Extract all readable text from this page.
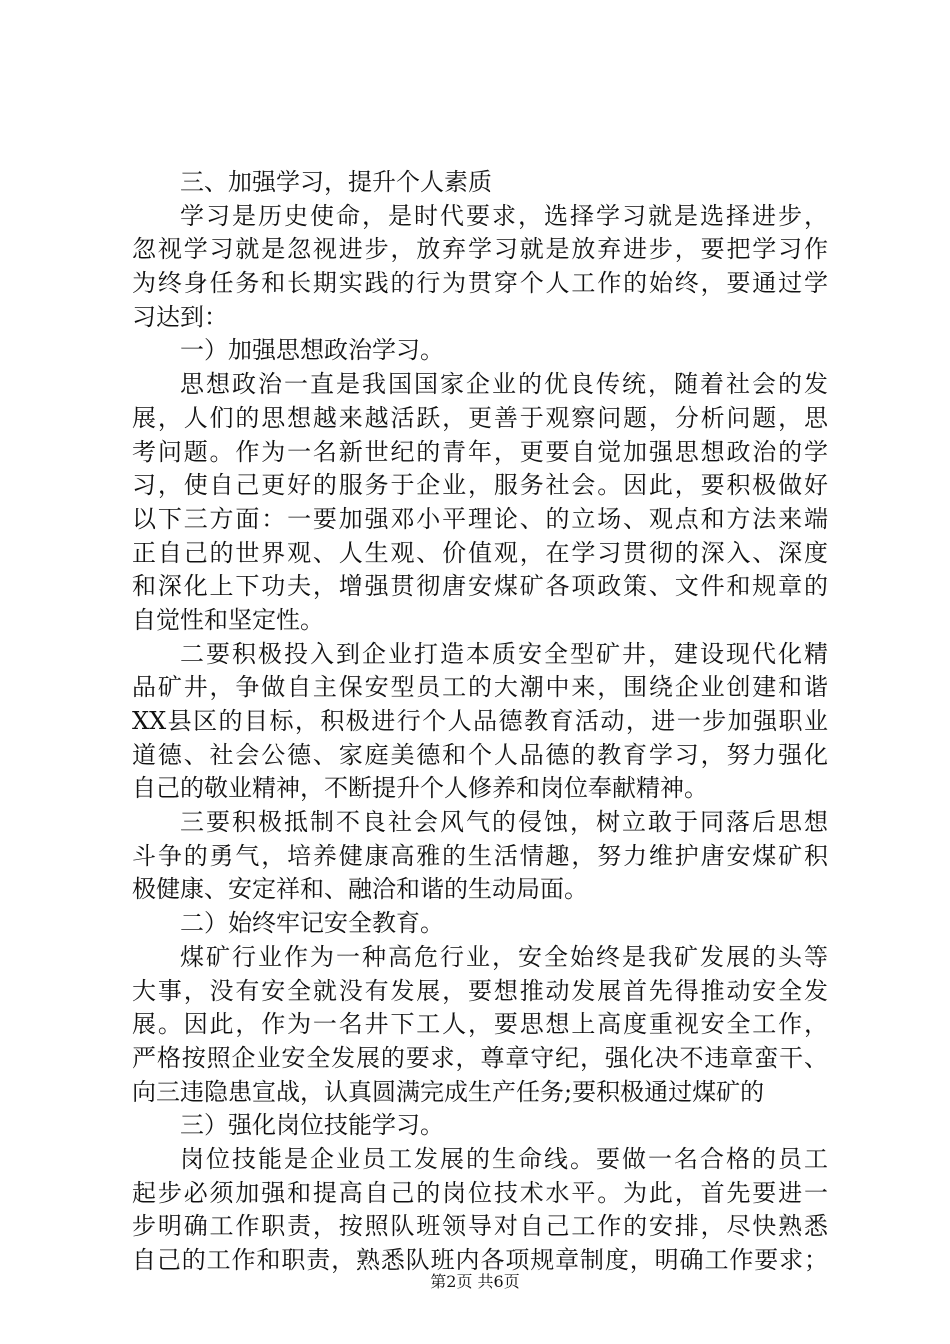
三、加强学习，提升个人素质
学习是历史使命，是时代要求，选择学习就是选择进步，
忽视学习就是忽视进步，放弃学习就是放弃进步，要把学习作
为终身任务和长期实践的行为贯穿个人工作的始终，要通过学
习达到：
一）加强思想政治学习。
思想政治一直是我国国家企业的优良传统，随着社会的发
展，人们的思想越来越活跃，更善于观察问题，分析问题，思
考问题。作为一名新世纪的青年，更要自觉加强思想政治的学
习，使自己更好的服务于企业，服务社会。因此，要积极做好
以下三方面：一要加强邓小平理论、的立场、观点和方法来端
正自己的世界观、人生观、价值观，在学习贯彻的深入、深度
和深化上下功夫，增强贯彻唐安煤矿各项政策、文件和规章的
自觉性和坚定性。
二要积极投入到企业打造本质安全型矿井，建设现代化精
品矿井，争做自主保安型员工的大潮中来，围绕企业创建和谐
XX县区的目标，积极进行个人品德教育活动，进一步加强职业
道德、社会公德、家庭美德和个人品德的教育学习，努力强化
自己的敬业精神，不断提升个人修养和岗位奉献精神。
三要积极抵制不良社会风气的侵蚀，树立敢于同落后思想
斗争的勇气，培养健康高雅的生活情趣，努力维护唐安煤矿积
极健康、安定祥和、融洽和谐的生动局面。
二）始终牢记安全教育。
煤矿行业作为一种高危行业，安全始终是我矿发展的头等
大事，没有安全就没有发展，要想推动发展首先得推动安全发
展。因此，作为一名井下工人，要思想上高度重视安全工作，
严格按照企业安全发展的要求，尊章守纪，强化决不违章蛮干、
向三违隐患宣战，认真圆满完成生产任务;要积极通过煤矿的
三）强化岗位技能学习。
岗位技能是企业员工发展的生命线。要做一名合格的员工
起步必须加强和提高自己的岗位技术水平。为此，首先要进一
步明确工作职责，按照队班领导对自己工作的安排，尽快熟悉
自己的工作和职责，熟悉队班内各项规章制度，明确工作要求；
第2页 共6页
